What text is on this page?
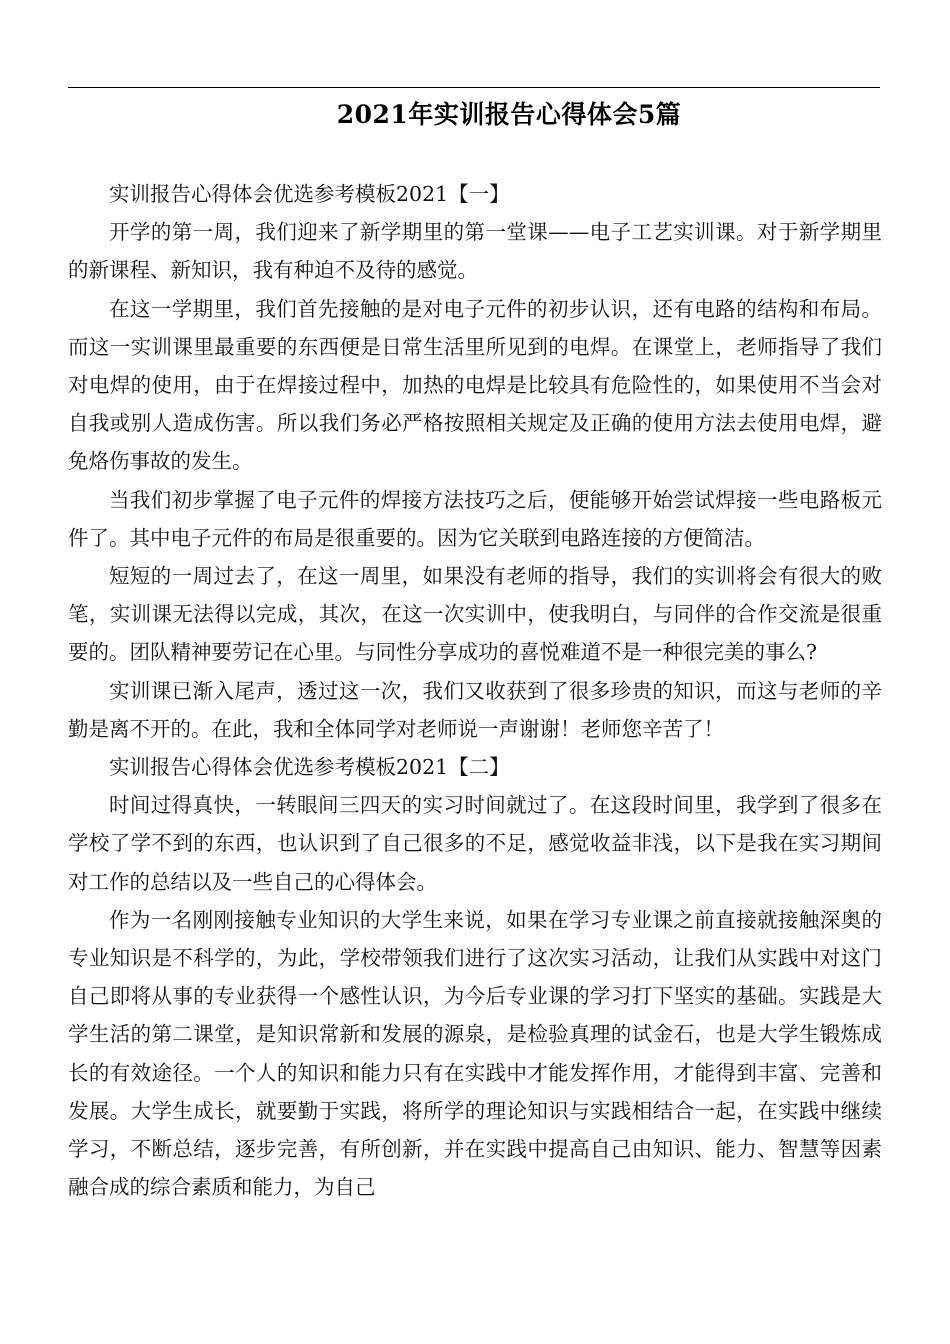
2021年实训报告心得体会5篇

实训报告心得体会优选参考模板2021【一】

开学的第一周，我们迎来了新学期里的第一堂课——电子工艺实训课。对于新学期里的新课程、新知识，我有种迫不及待的感觉。

在这一学期里，我们首先接触的是对电子元件的初步认识，还有电路的结构和布局。而这一实训课里最重要的东西便是日常生活里所见到的电焊。在课堂上，老师指导了我们对电焊的使用，由于在焊接过程中，加热的电焊是比较具有危险性的，如果使用不当会对自我或别人造成伤害。所以我们务必严格按照相关规定及正确的使用方法去使用电焊，避免烙伤事故的发生。

当我们初步掌握了电子元件的焊接方法技巧之后，便能够开始尝试焊接一些电路板元件了。其中电子元件的布局是很重要的。因为它关联到电路连接的方便简洁。

短短的一周过去了，在这一周里，如果没有老师的指导，我们的实训将会有很大的败笔，实训课无法得以完成，其次，在这一次实训中，使我明白，与同伴的合作交流是很重要的。团队精神要劳记在心里。与同性分享成功的喜悦难道不是一种很完美的事么?

实训课已渐入尾声，透过这一次，我们又收获到了很多珍贵的知识，而这与老师的辛勤是离不开的。在此，我和全体同学对老师说一声谢谢！老师您辛苦了！

实训报告心得体会优选参考模板2021【二】

时间过得真快，一转眼间三四天的实习时间就过了。在这段时间里，我学到了很多在学校了学不到的东西，也认识到了自己很多的不足，感觉收益非浅，以下是我在实习期间对工作的总结以及一些自己的心得体会。

作为一名刚刚接触专业知识的大学生来说，如果在学习专业课之前直接就接触深奥的专业知识是不科学的，为此，学校带领我们进行了这次实习活动，让我们从实践中对这门自己即将从事的专业获得一个感性认识，为今后专业课的学习打下坚实的基础。实践是大学生活的第二课堂，是知识常新和发展的源泉，是检验真理的试金石，也是大学生锻炼成长的有效途径。一个人的知识和能力只有在实践中才能发挥作用，才能得到丰富、完善和发展。大学生成长，就要勤于实践，将所学的理论知识与实践相结合一起，在实践中继续学习，不断总结，逐步完善，有所创新，并在实践中提高自己由知识、能力、智慧等因素融合成的综合素质和能力，为自己
